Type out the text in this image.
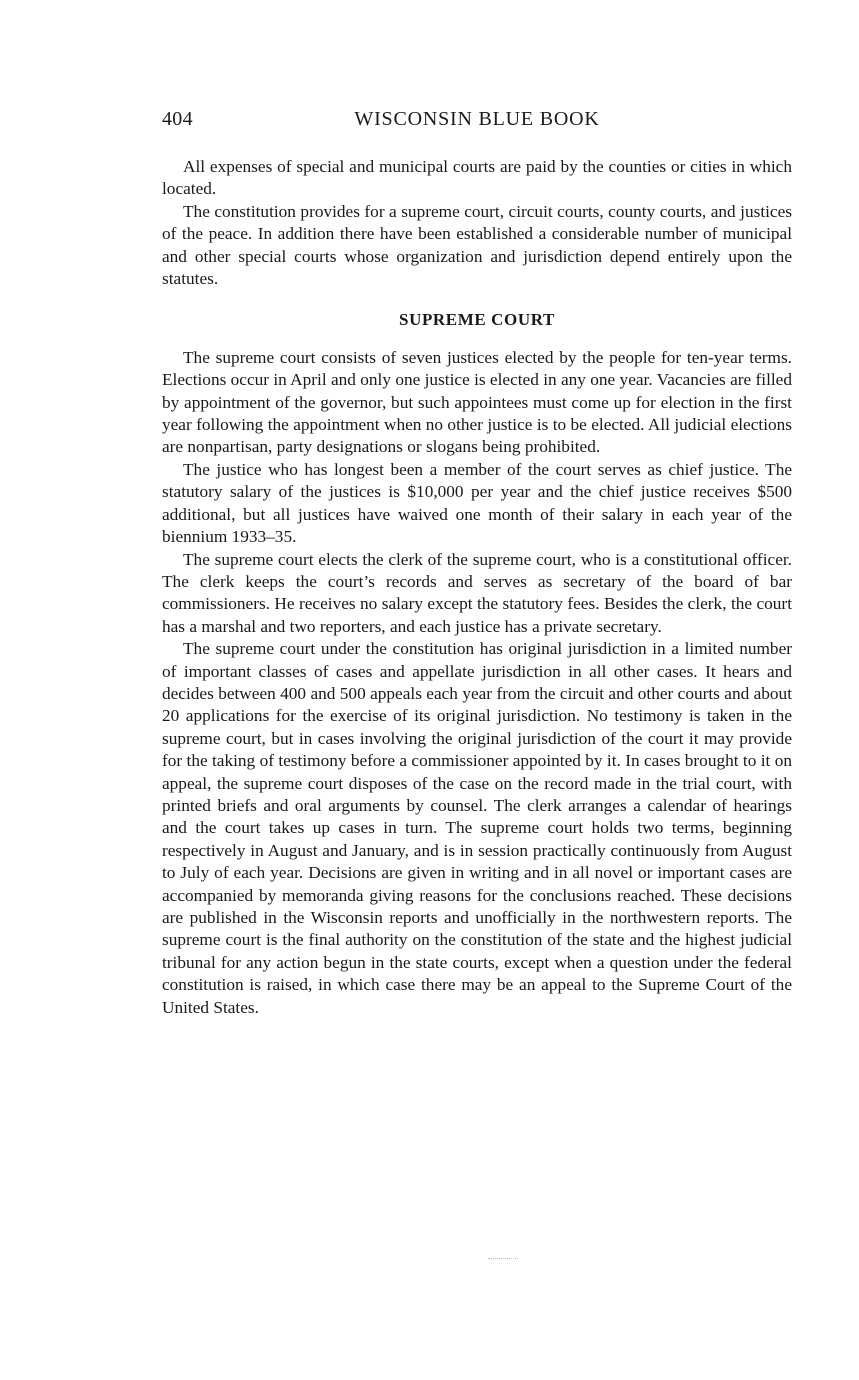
404	WISCONSIN BLUE BOOK

All expenses of special and municipal courts are paid by the counties or cities in which located.

The constitution provides for a supreme court, circuit courts, county courts, and justices of the peace. In addition there have been established a considerable number of municipal and other special courts whose organization and jurisdiction depend entirely upon the statutes.

SUPREME COURT

The supreme court consists of seven justices elected by the people for ten-year terms. Elections occur in April and only one justice is elected in any one year. Vacancies are filled by appointment of the governor, but such appointees must come up for election in the first year following the appointment when no other justice is to be elected. All judicial elections are nonpartisan, party designations or slogans being prohibited.

The justice who has longest been a member of the court serves as chief justice. The statutory salary of the justices is $10,000 per year and the chief justice receives $500 additional, but all justices have waived one month of their salary in each year of the biennium 1933–35.

The supreme court elects the clerk of the supreme court, who is a constitutional officer. The clerk keeps the court’s records and serves as secretary of the board of bar commissioners. He receives no salary except the statutory fees. Besides the clerk, the court has a marshal and two reporters, and each justice has a private secretary.

The supreme court under the constitution has original jurisdiction in a limited number of important classes of cases and appellate jurisdiction in all other cases. It hears and decides between 400 and 500 appeals each year from the circuit and other courts and about 20 applications for the exercise of its original jurisdiction. No testimony is taken in the supreme court, but in cases involving the original jurisdiction of the court it may provide for the taking of testimony before a commissioner appointed by it. In cases brought to it on appeal, the supreme court disposes of the case on the record made in the trial court, with printed briefs and oral arguments by counsel. The clerk arranges a calendar of hearings and the court takes up cases in turn. The supreme court holds two terms, beginning respectively in August and January, and is in session practically continuously from August to July of each year. Decisions are given in writing and in all novel or important cases are accompanied by memoranda giving reasons for the conclusions reached. These decisions are published in the Wisconsin reports and unofficially in the northwestern reports. The supreme court is the final authority on the constitution of the state and the highest judicial tribunal for any action begun in the state courts, except when a question under the federal constitution is raised, in which case there may be an appeal to the Supreme Court of the United States.
